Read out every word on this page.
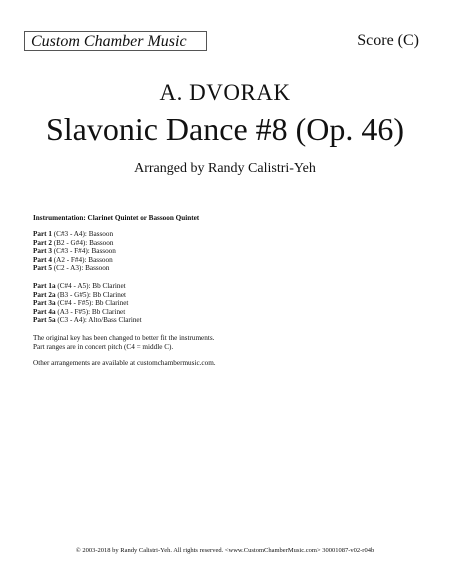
Custom Chamber Music	Score (C)
A. DVORAK
Slavonic Dance #8 (Op. 46)
Arranged by Randy Calistri-Yeh
Instrumentation: Clarinet Quintet or Bassoon Quintet
Part 1 (C#3 - A4): Bassoon
Part 2 (B2 - G#4): Bassoon
Part 3 (C#3 - F#4): Bassoon
Part 4 (A2 - F#4): Bassoon
Part 5 (C2 - A3): Bassoon
Part 1a (C#4 - A5): Bb Clarinet
Part 2a (B3 - G#5): Bb Clarinet
Part 3a (C#4 - F#5): Bb Clarinet
Part 4a (A3 - F#5): Bb Clarinet
Part 5a (C3 - A4): Alto/Bass Clarinet
The original key has been changed to better fit the instruments.
Part ranges are in concert pitch (C4 = middle C).
Other arrangements are available at customchambermusic.com.
© 2003-2018 by Randy Calistri-Yeh. All rights reserved. <www.CustomChamberMusic.com> 30001087-v02-r04b
